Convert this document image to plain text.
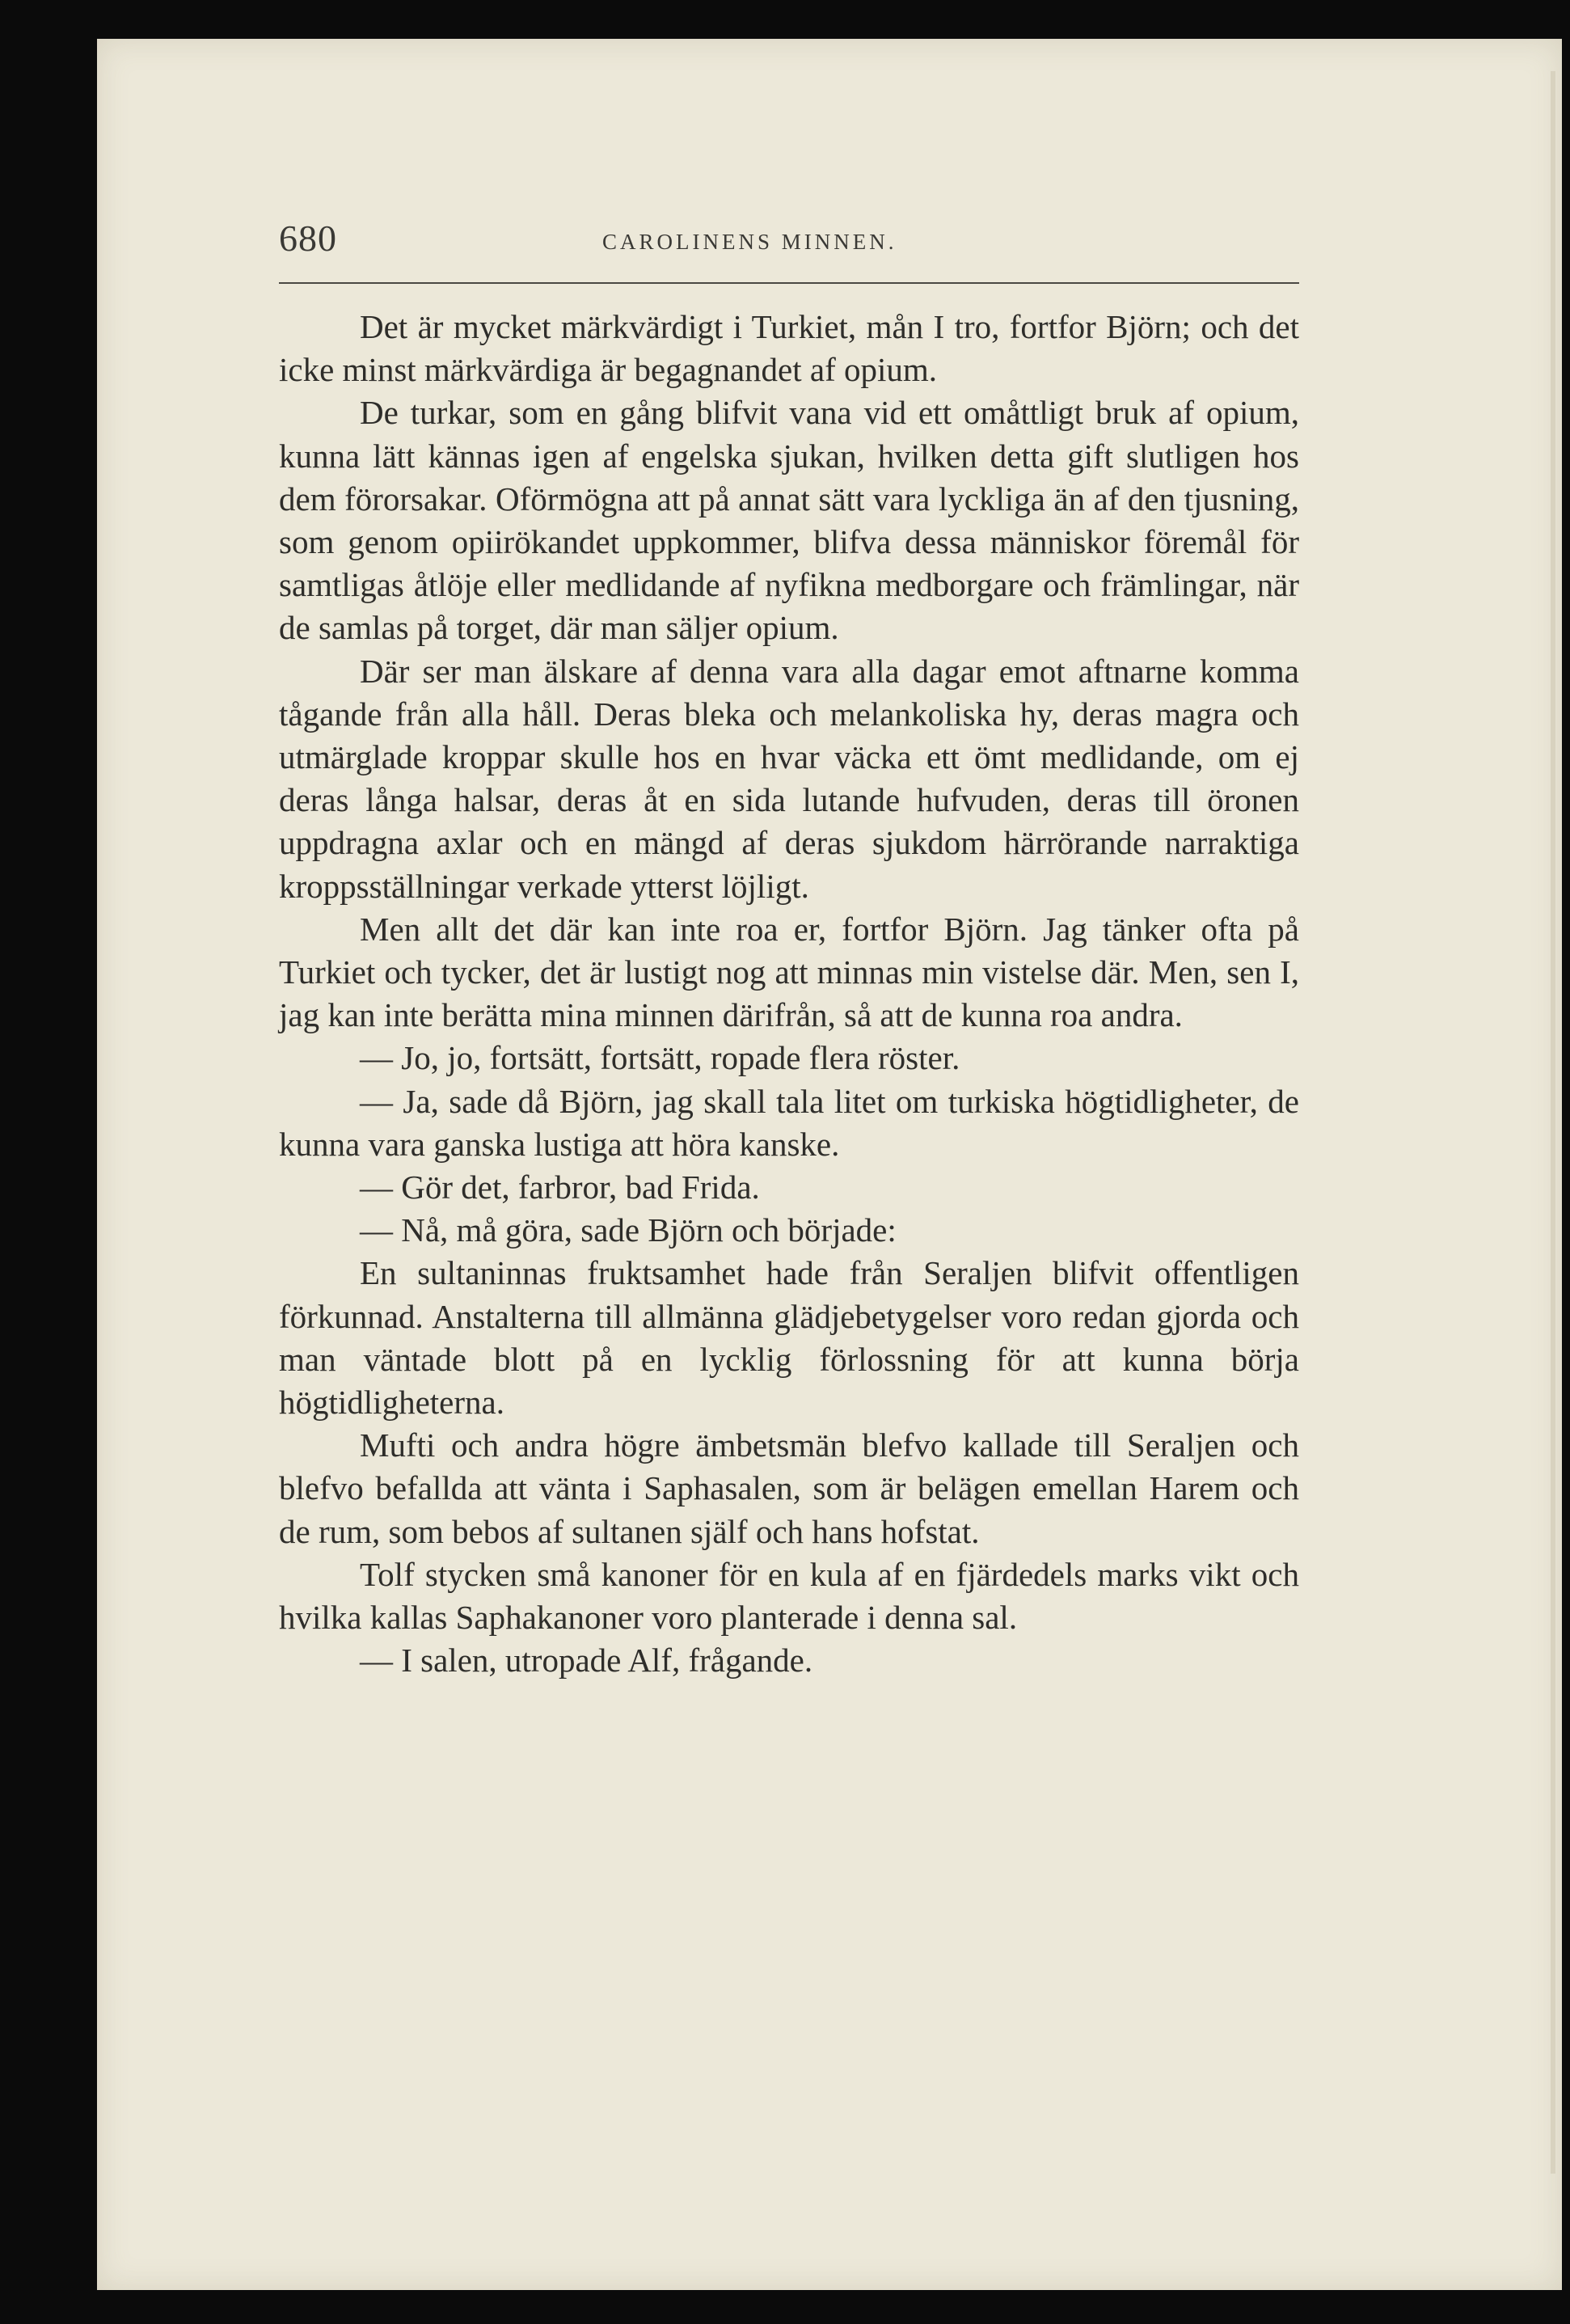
680	CAROLINENS MINNEN.

Det är mycket märkvärdigt i Turkiet, mån I tro, fortfor Björn; och det icke minst märkvärdiga är begagnandet af opium.

De turkar, som en gång blifvit vana vid ett omåttligt bruk af opium, kunna lätt kännas igen af engelska sjukan, hvilken detta gift slutligen hos dem förorsakar. Oförmögna att på annat sätt vara lyckliga än af den tjusning, som genom opiirökandet uppkommer, blifva dessa människor föremål för samtligas åtlöje eller medlidande af nyfikna medborgare och främlingar, när de samlas på torget, där man säljer opium.

Där ser man älskare af denna vara alla dagar emot aftnarne komma tågande från alla håll. Deras bleka och melankoliska hy, deras magra och utmärglade kroppar skulle hos en hvar väcka ett ömt medlidande, om ej deras långa halsar, deras åt en sida lutande hufvuden, deras till öronen uppdragna axlar och en mängd af deras sjukdom härrörande narraktiga kroppsställningar verkade ytterst löjligt.

Men allt det där kan inte roa er, fortfor Björn. Jag tänker ofta på Turkiet och tycker, det är lustigt nog att minnas min vistelse där. Men, sen I, jag kan inte berätta mina minnen därifrån, så att de kunna roa andra.

— Jo, jo, fortsätt, fortsätt, ropade flera röster.

— Ja, sade då Björn, jag skall tala litet om turkiska högtidligheter, de kunna vara ganska lustiga att höra kanske.

— Gör det, farbror, bad Frida.

— Nå, må göra, sade Björn och började:

En sultaninnas fruktsamhet hade från Seraljen blifvit offentligen förkunnad. Anstalterna till allmänna glädjebetygelser voro redan gjorda och man väntade blott på en lycklig förlossning för att kunna börja högtidligheterna.

Mufti och andra högre ämbetsmän blefvo kallade till Seraljen och blefvo befallda att vänta i Saphasalen, som är belägen emellan Harem och de rum, som bebos af sultanen själf och hans hofstat.

Tolf stycken små kanoner för en kula af en fjärdedels marks vikt och hvilka kallas Saphakanoner voro planterade i denna sal.

— I salen, utropade Alf, frågande.
